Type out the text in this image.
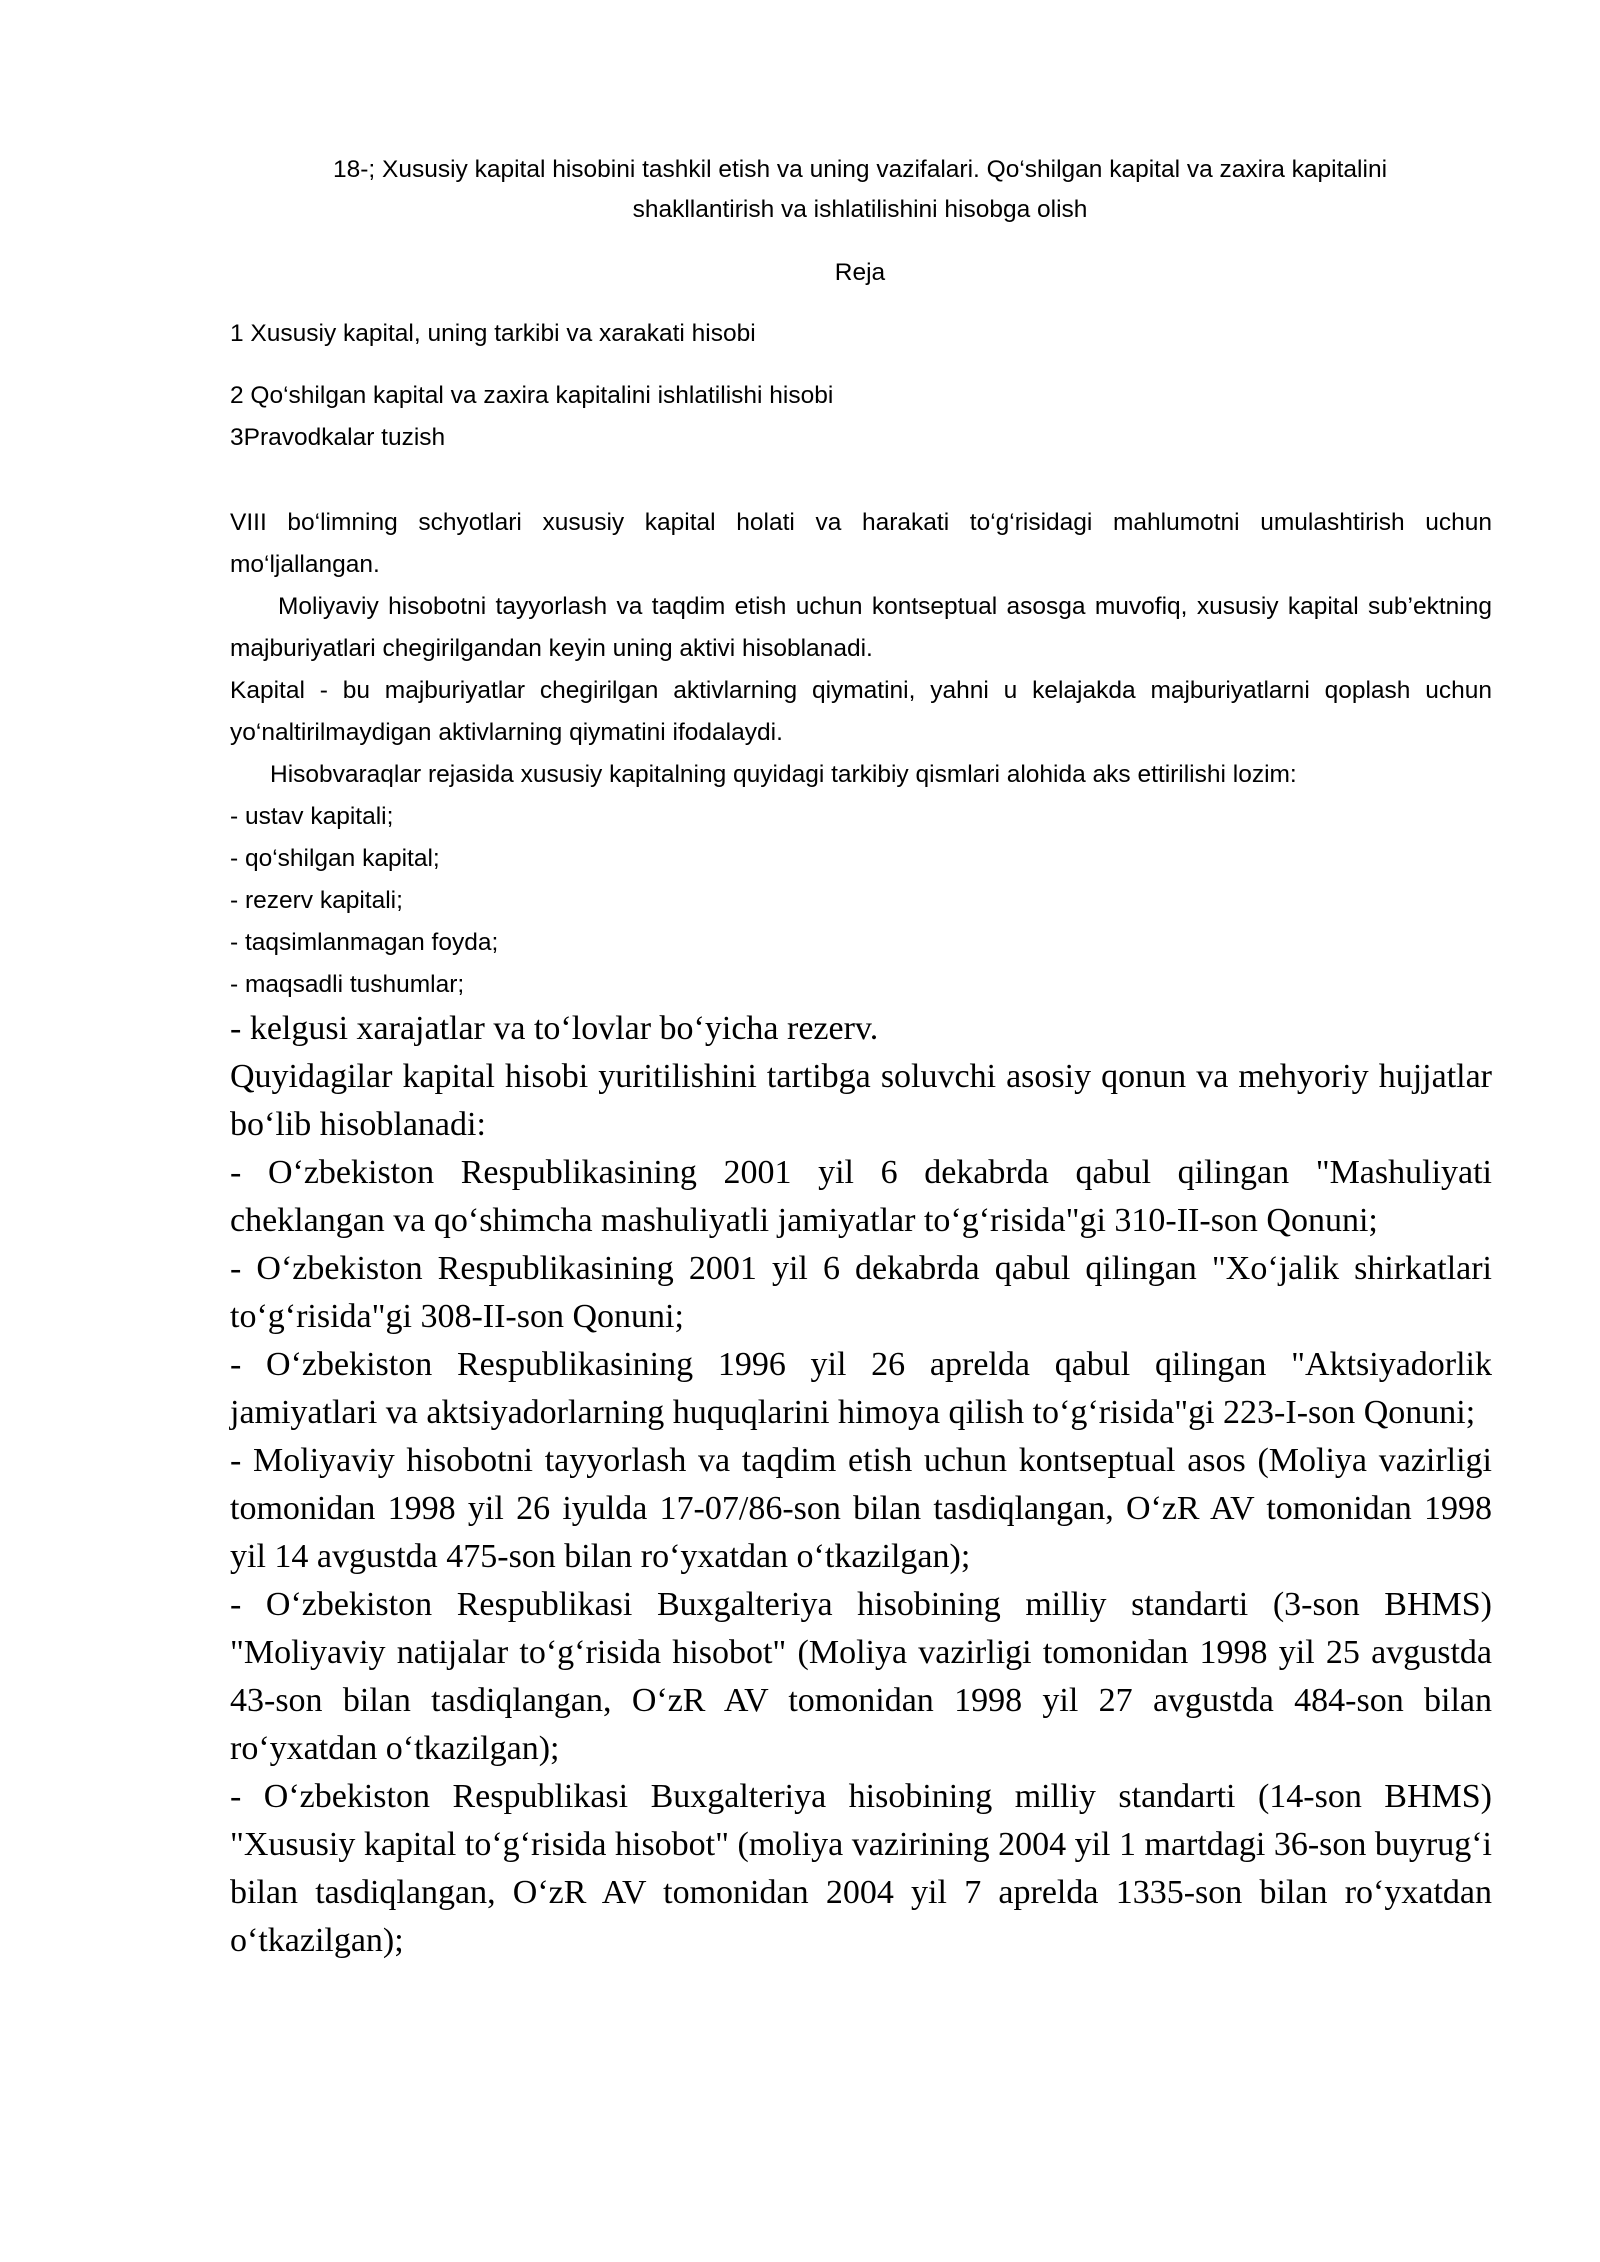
18-; Xususiy kapital hisobini tashkil etish va uning vazifalari. Qo‘shilgan kapital va zaxira kapitalini

shakllantirish va ishlatilishini hisobga olish

Reja

1 Xususiy kapital, uning tarkibi va xarakati hisobi

2 Qo‘shilgan kapital va zaxira kapitalini ishlatilishi hisobi

3Pravodkalar tuzish

VIII bo‘limning schyotlari xususiy kapital holati va harakati to‘g‘risidagi mahlumotni umulashtirish uchun mo‘ljallangan.

Moliyaviy hisobotni tayyorlash va taqdim etish uchun kontseptual asosga muvofiq, xususiy kapital sub’ektning majburiyatlari chegirilgandan keyin uning aktivi hisoblanadi.

Kapital - bu majburiyatlar chegirilgan aktivlarning qiymatini, yahni u kelajakda majburiyatlarni qoplash uchun yo‘naltirilmaydigan aktivlarning qiymatini ifodalaydi.

Hisobvaraqlar rejasida xususiy kapitalning quyidagi tarkibiy qismlari alohida aks ettirilishi lozim:

- ustav kapitali;

- qo‘shilgan kapital;

- rezerv kapitali;

- taqsimlanmagan foyda;

- maqsadli tushumlar;

- kelgusi xarajatlar va to‘lovlar bo‘yicha rezerv.

Quyidagilar kapital hisobi yuritilishini tartibga soluvchi asosiy qonun va mehyoriy hujjatlar bo‘lib hisoblanadi:

- O‘zbekiston Respublikasining 2001 yil 6 dekabrda qabul qilingan "Mashuliyati cheklangan va qo‘shimcha mashuliyatli jamiyatlar to‘g‘risida"gi 310-II-son Qonuni;

- O‘zbekiston Respublikasining 2001 yil 6 dekabrda qabul qilingan "Xo‘jalik shirkatlari to‘g‘risida"gi 308-II-son Qonuni;

- O‘zbekiston Respublikasining 1996 yil 26 aprelda qabul qilingan "Aktsiyadorlik jamiyatlari va aktsiyadorlarning huquqlarini himoya qilish to‘g‘risida"gi 223-I-son Qonuni;

- Moliyaviy hisobotni tayyorlash va taqdim etish uchun kontseptual asos (Moliya vazirligi tomonidan 1998 yil 26 iyulda 17-07/86-son bilan tasdiqlangan, O‘zR AV tomonidan 1998 yil 14 avgustda 475-son bilan ro‘yxatdan o‘tkazilgan);

- O‘zbekiston Respublikasi Buxgalteriya hisobining milliy standarti (3-son BHMS) "Moliyaviy natijalar to‘g‘risida hisobot" (Moliya vazirligi tomonidan 1998 yil 25 avgustda 43-son bilan tasdiqlangan, O‘zR AV tomonidan 1998 yil 27 avgustda 484-son bilan ro‘yxatdan o‘tkazilgan);

- O‘zbekiston Respublikasi Buxgalteriya hisobining milliy standarti (14-son BHMS) "Xususiy kapital to‘g‘risida hisobot" (moliya vazirining 2004 yil 1 martdagi 36-son buyrug‘i bilan tasdiqlangan, O‘zR AV tomonidan 2004 yil 7 aprelda 1335-son bilan ro‘yxatdan o‘tkazilgan);
